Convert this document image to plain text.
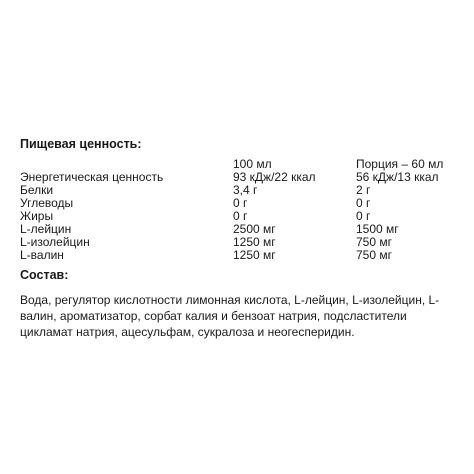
Пищевая ценность:
	100 мл	Порция – 60 мл
Энергетическая ценность	93 кДж/22 ккал	56 кДж/13 ккал
Белки	3,4 г	2 г
Углеводы	0 г	0 г
Жиры	0 г	0 г
L-лейцин	2500 мг	1500 мг
L-изолейцин	1250 мг	750 мг
L-валин	1250 мг	750 мг
Состав:

Вода, регулятор кислотности лимонная кислота, L-лейцин, L-изолейцин, L-валин, ароматизатор, сорбат калия и бензоат натрия, подсластители цикламат натрия, ацесульфам, сукралоза и неогесперидин.
